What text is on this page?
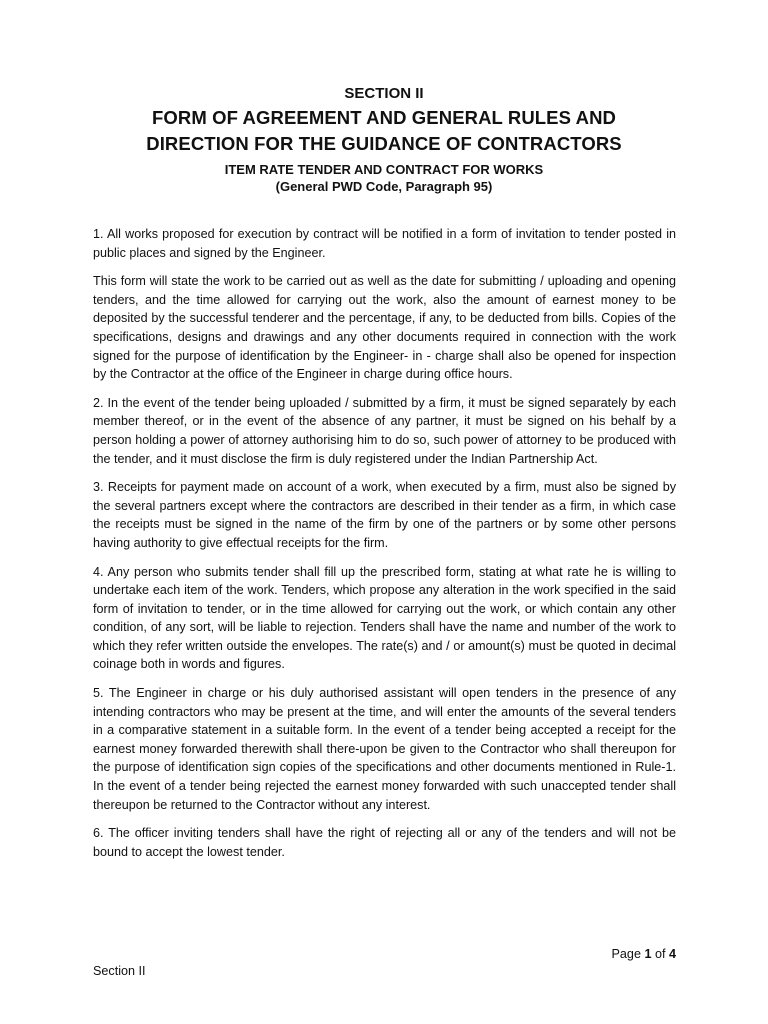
SECTION II

FORM OF AGREEMENT AND GENERAL RULES AND

DIRECTION FOR THE GUIDANCE OF CONTRACTORS

ITEM RATE TENDER AND CONTRACT FOR WORKS

(General PWD Code, Paragraph 95)

1. All works proposed for execution by contract will be notified in a form of invitation to tender posted in public places and signed by the Engineer.

This form will state the work to be carried out as well as the date for submitting / uploading and opening tenders, and the time allowed for carrying out the work, also the amount of earnest money to be deposited by the successful tenderer and the percentage, if any, to be deducted from bills. Copies of the specifications, designs and drawings and any other documents required in connection with the work signed for the purpose of identification by the Engineer- in - charge shall also be opened for inspection by the Contractor at the office of the Engineer in charge during office hours.

2. In the event of the tender being uploaded / submitted by a firm, it must be signed separately by each member thereof, or in the event of the absence of any partner, it must be signed on his behalf by a person holding a power of attorney authorising him to do so, such power of attorney to be produced with the tender, and it must disclose the firm is duly registered under the Indian Partnership Act.

3. Receipts for payment made on account of a work, when executed by a firm, must also be signed by the several partners except where the contractors are described in their tender as a firm, in which case the receipts must be signed in the name of the firm by one of the partners or by some other persons having authority to give effectual receipts for the firm.

4. Any person who submits tender shall fill up the prescribed form, stating at what rate he is willing to undertake each item of the work. Tenders, which propose any alteration in the work specified in the said form of invitation to tender, or in the time allowed for carrying out the work, or which contain any other condition, of any sort, will be liable to rejection. Tenders shall have the name and number of the work to which they refer written outside the envelopes. The rate(s) and / or amount(s) must be quoted in decimal coinage both in words and figures.

5. The Engineer in charge or his duly authorised assistant will open tenders in the presence of any intending contractors who may be present at the time, and will enter the amounts of the several tenders in a comparative statement in a suitable form. In the event of a tender being accepted a receipt for the earnest money forwarded therewith shall there-upon be given to the Contractor who shall thereupon for the purpose of identification sign copies of the specifications and other documents mentioned in Rule-1. In the event of a tender being rejected the earnest money forwarded with such unaccepted tender shall thereupon be returned to the Contractor without any interest.

6. The officer inviting tenders shall have the right of rejecting all or any of the tenders and will not be bound to accept the lowest tender.

Page 1 of 4
Section II
